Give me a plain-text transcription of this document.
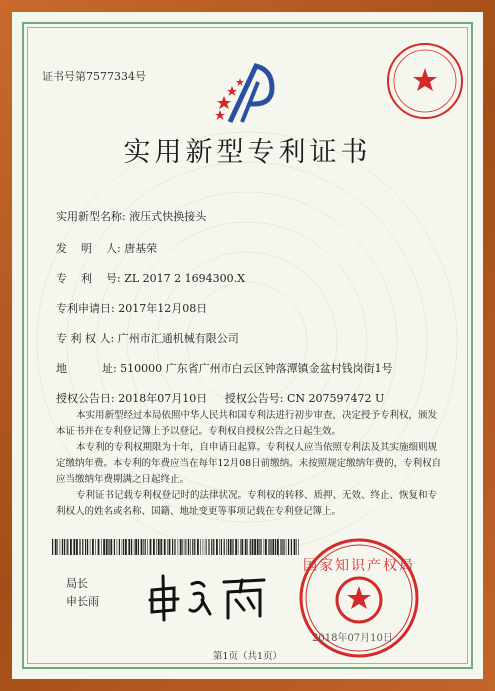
证书号第7577334号
实用新型专利证书
实用新型名称: 液压式快换接头
发    明    人: 唐基荣
专    利    号: ZL 2017 2 1694300.X
专利申请日: 2017年12月08日
专 利 权 人: 广州市汇通机械有限公司
地          址: 510000 广东省广州市白云区钟落潭镇金盆村钱岗街1号
授权公告日: 2018年07月10日 授权公告号: CN 207597472 U
本实用新型经过本局依照中华人民共和国专利法进行初步审查，决定授予专利权，颁发本证书并在专利登记簿上予以登记。专利权自授权公告之日起生效。
本专利的专利权期限为十年，自申请日起算。专利权人应当依照专利法及其实施细则规定缴纳年费。本专利的年费应当在每年12月08日前缴纳。未按照规定缴纳年费的，专利权自应当缴纳年费期满之日起终止。
专利证书记载专利权登记时的法律状况。专利权的转移、质押、无效、终止、恢复和专利权人的姓名或名称、国籍、地址变更等事项记载在专利登记簿上。
局长
申长雨
国家知识产权局
2018年07月10日
第1页（共1页）
